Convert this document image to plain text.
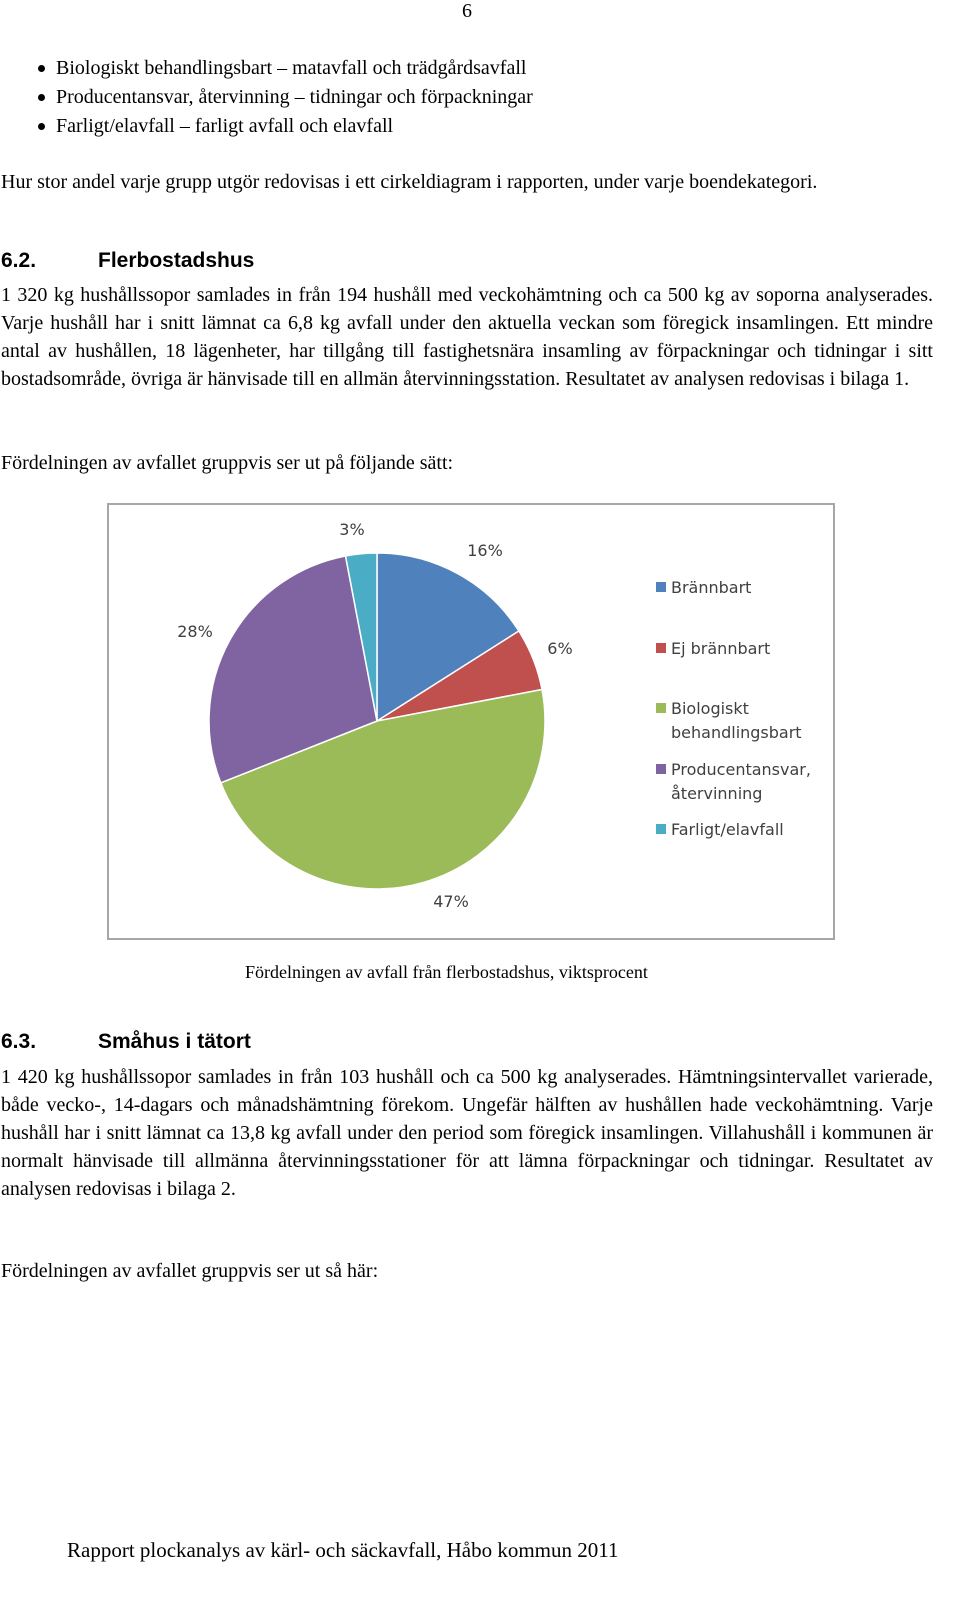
6
Biologiskt behandlingsbart – matavfall och trädgårdsavfall
Producentansvar, återvinning – tidningar och förpackningar
Farligt/elavfall – farligt avfall och elavfall

Hur stor andel varje grupp utgör redovisas i ett cirkeldiagram i rapporten, under varje boendekategori.

6.2.	Flerbostadshus

1 320 kg hushållssopor samlades in från 194 hushåll med veckohämtning och ca 500 kg av soporna analyserades. Varje hushåll har i snitt lämnat ca 6,8 kg avfall under den aktuella veckan som föregick insamlingen. Ett mindre antal av hushållen, 18 lägenheter, har tillgång till fastighetsnära insamling av förpackningar och tidningar i sitt bostadsområde, övriga är hänvisade till en allmän återvinningsstation. Resultatet av analysen redovisas i bilaga 1.

Fördelningen av avfallet gruppvis ser ut på följande sätt:

16%
6%
47%
28%
3%
Brännbart
Ej brännbart
Biologiskt
behandlingsbart
Producentansvar,
återvinning
Farligt/elavfall
Fördelningen av avfall från flerbostadshus, viktsprocent
6.3.	Småhus i tätort

1 420 kg hushållssopor samlades in från 103 hushåll och ca 500 kg analyserades. Hämtningsintervallet varierade, både vecko-, 14-dagars och månadshämtning förekom. Ungefär hälften av hushållen hade veckohämtning. Varje hushåll har i snitt lämnat ca 13,8 kg avfall under den period som föregick insamlingen. Villahushåll i kommunen är normalt hänvisade till allmänna återvinningsstationer för att lämna förpackningar och tidningar. Resultatet av analysen redovisas i bilaga 2.

Fördelningen av avfallet gruppvis ser ut så här:

Rapport plockanalys av kärl- och säckavfall, Håbo kommun 2011
